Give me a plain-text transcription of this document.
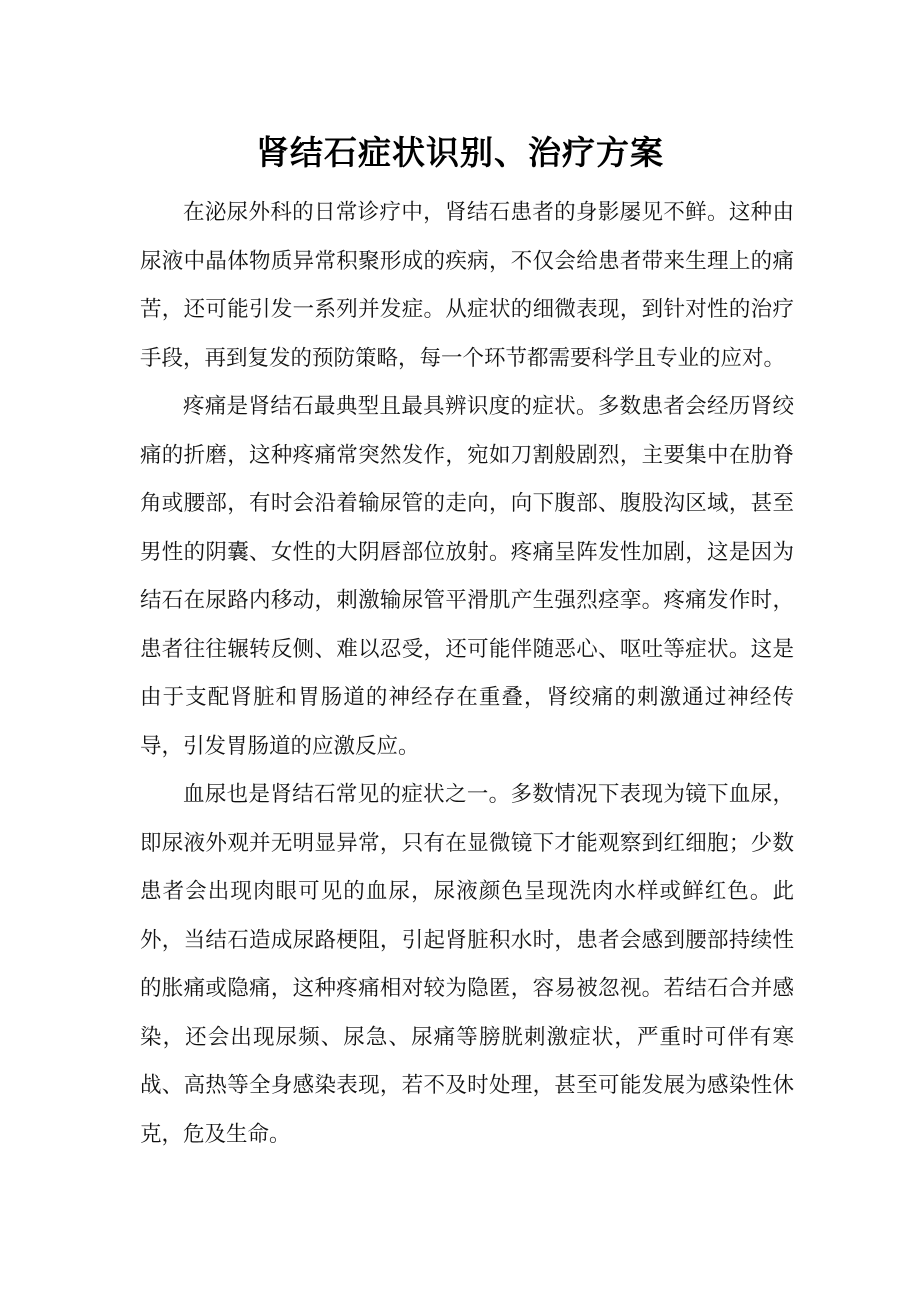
肾结石症状识别、治疗方案

在泌尿外科的日常诊疗中，肾结石患者的身影屡见不鲜。这种由尿液中晶体物质异常积聚形成的疾病，不仅会给患者带来生理上的痛苦，还可能引发一系列并发症。从症状的细微表现，到针对性的治疗手段，再到复发的预防策略，每一个环节都需要科学且专业的应对。

疼痛是肾结石最典型且最具辨识度的症状。多数患者会经历肾绞痛的折磨，这种疼痛常突然发作，宛如刀割般剧烈，主要集中在肋脊角或腰部，有时会沿着输尿管的走向，向下腹部、腹股沟区域，甚至男性的阴囊、女性的大阴唇部位放射。疼痛呈阵发性加剧，这是因为结石在尿路内移动，刺激输尿管平滑肌产生强烈痉挛。疼痛发作时，患者往往辗转反侧、难以忍受，还可能伴随恶心、呕吐等症状。这是由于支配肾脏和胃肠道的神经存在重叠，肾绞痛的刺激通过神经传导，引发胃肠道的应激反应。

血尿也是肾结石常见的症状之一。多数情况下表现为镜下血尿，即尿液外观并无明显异常，只有在显微镜下才能观察到红细胞；少数患者会出现肉眼可见的血尿，尿液颜色呈现洗肉水样或鲜红色。此外，当结石造成尿路梗阻，引起肾脏积水时，患者会感到腰部持续性的胀痛或隐痛，这种疼痛相对较为隐匿，容易被忽视。若结石合并感染，还会出现尿频、尿急、尿痛等膀胱刺激症状，严重时可伴有寒战、高热等全身感染表现，若不及时处理，甚至可能发展为感染性休克，危及生命。
